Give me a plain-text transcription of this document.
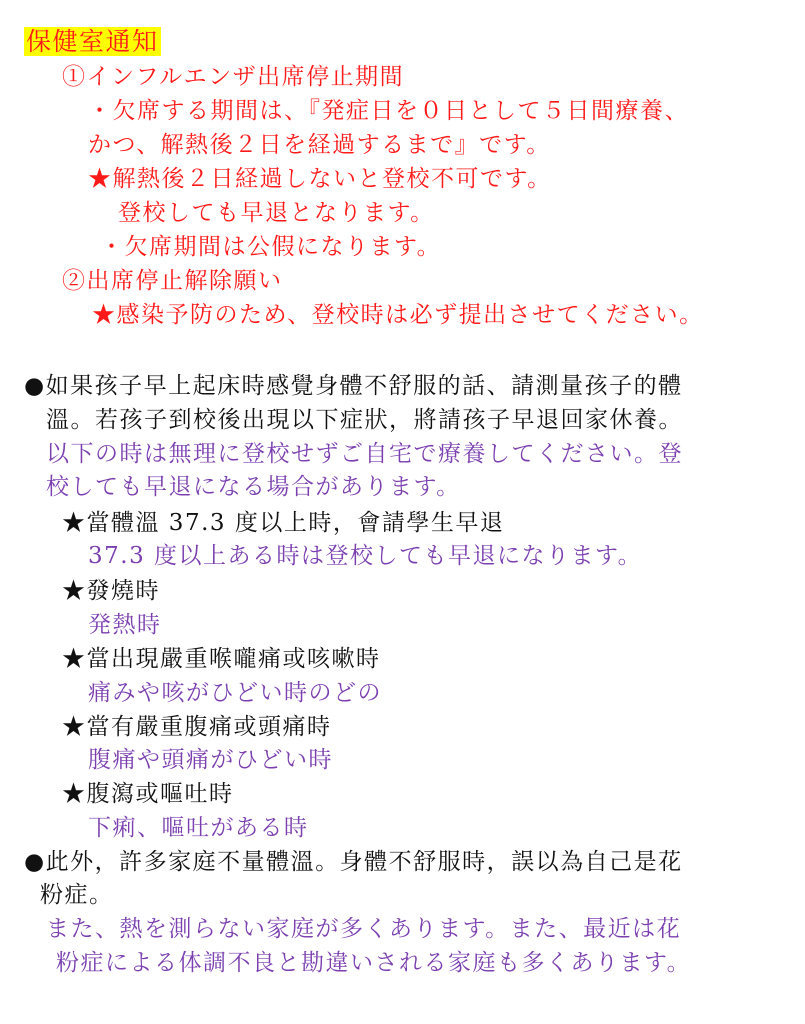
保健室通知
①インフルエンザ出席停止期間
・欠席する期間は、『発症日を０日として５日間療養、
かつ、解熱後２日を経過するまで』です。
★解熱後２日経過しないと登校不可です。
登校しても早退となります。
・欠席期間は公假になります。
②出席停止解除願い
★感染予防のため、登校時は必ず提出させてください。
●如果孩子早上起床時感覺身體不舒服的話、請測量孩子的體
溫。若孩子到校後出現以下症狀，將請孩子早退回家休養。
以下の時は無理に登校せずご自宅で療養してください。登
校しても早退になる場合があります。
★當體溫 37.3 度以上時，會請學生早退
37.3 度以上ある時は登校しても早退になります。
★發燒時
発熱時
★當出現嚴重喉嚨痛或咳嗽時
痛みや咳がひどい時のどの
★當有嚴重腹痛或頭痛時
腹痛や頭痛がひどい時
★腹瀉或嘔吐時
下痢、嘔吐がある時
●此外，許多家庭不量體溫。身體不舒服時，誤以為自己是花
粉症。
また、熱を測らない家庭が多くあります。また、最近は花
粉症による体調不良と勘違いされる家庭も多くあります。
